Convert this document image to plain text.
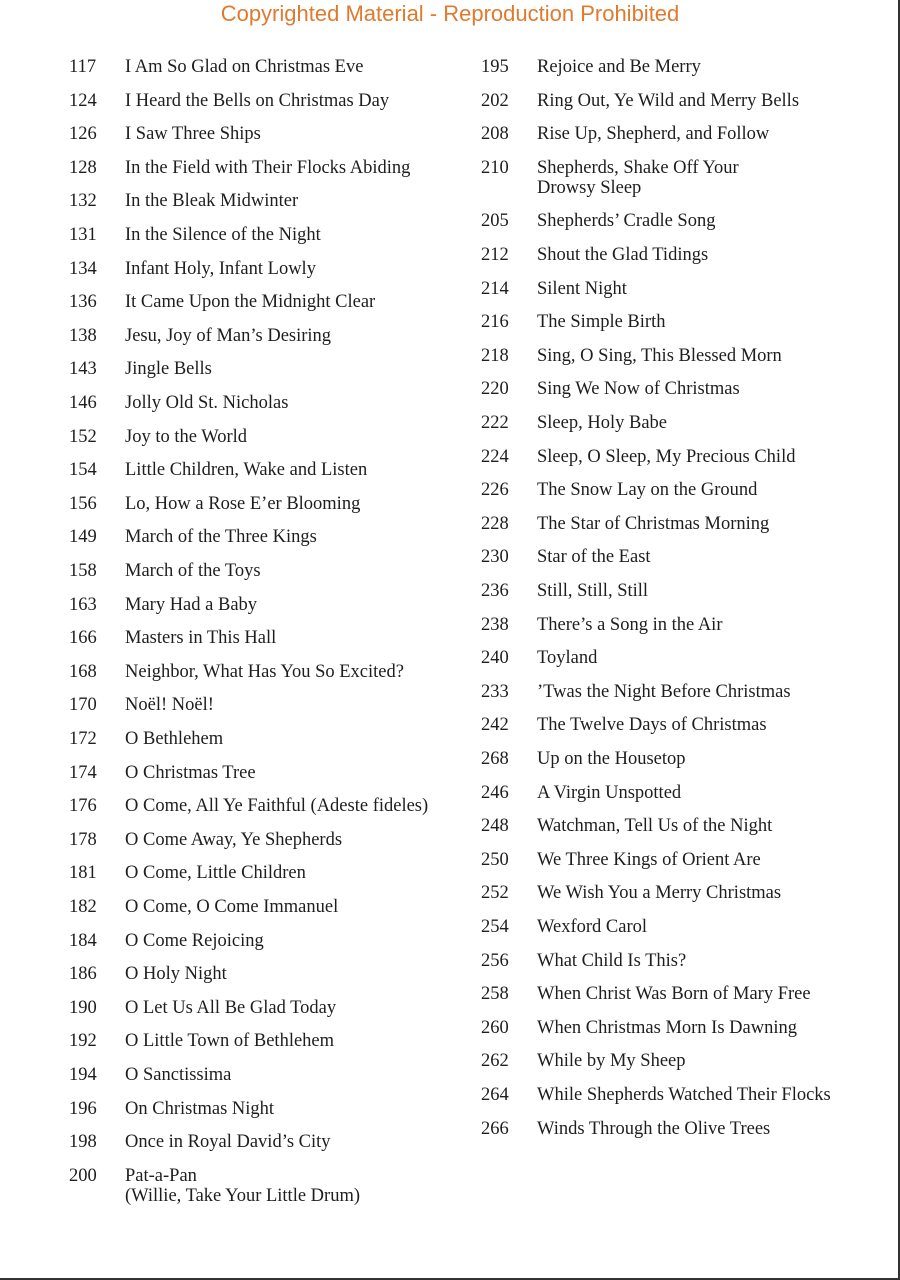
Copyrighted Material - Reproduction Prohibited
117	I Am So Glad on Christmas Eve
124	I Heard the Bells on Christmas Day
126	I Saw Three Ships
128	In the Field with Their Flocks Abiding
132	In the Bleak Midwinter
131	In the Silence of the Night
134	Infant Holy, Infant Lowly
136	It Came Upon the Midnight Clear
138	Jesu, Joy of Man’s Desiring
143	Jingle Bells
146	Jolly Old St. Nicholas
152	Joy to the World
154	Little Children, Wake and Listen
156	Lo, How a Rose E’er Blooming
149	March of the Three Kings
158	March of the Toys
163	Mary Had a Baby
166	Masters in This Hall
168	Neighbor, What Has You So Excited?
170	Noël! Noël!
172	O Bethlehem
174	O Christmas Tree
176	O Come, All Ye Faithful (Adeste fideles)
178	O Come Away, Ye Shepherds
181	O Come, Little Children
182	O Come, O Come Immanuel
184	O Come Rejoicing
186	O Holy Night
190	O Let Us All Be Glad Today
192	O Little Town of Bethlehem
194	O Sanctissima
196	On Christmas Night
198	Once in Royal David’s City
200	Pat-a-Pan
(Willie, Take Your Little Drum)
195	Rejoice and Be Merry
202	Ring Out, Ye Wild and Merry Bells
208	Rise Up, Shepherd, and Follow
210	Shepherds, Shake Off Your
Drowsy Sleep
205	Shepherds’ Cradle Song
212	Shout the Glad Tidings
214	Silent Night
216	The Simple Birth
218	Sing, O Sing, This Blessed Morn
220	Sing We Now of Christmas
222	Sleep, Holy Babe
224	Sleep, O Sleep, My Precious Child
226	The Snow Lay on the Ground
228	The Star of Christmas Morning
230	Star of the East
236	Still, Still, Still
238	There’s a Song in the Air
240	Toyland
233	’Twas the Night Before Christmas
242	The Twelve Days of Christmas
268	Up on the Housetop
246	A Virgin Unspotted
248	Watchman, Tell Us of the Night
250	We Three Kings of Orient Are
252	We Wish You a Merry Christmas
254	Wexford Carol
256	What Child Is This?
258	When Christ Was Born of Mary Free
260	When Christmas Morn Is Dawning
262	While by My Sheep
264	While Shepherds Watched Their Flocks
266	Winds Through the Olive Trees
